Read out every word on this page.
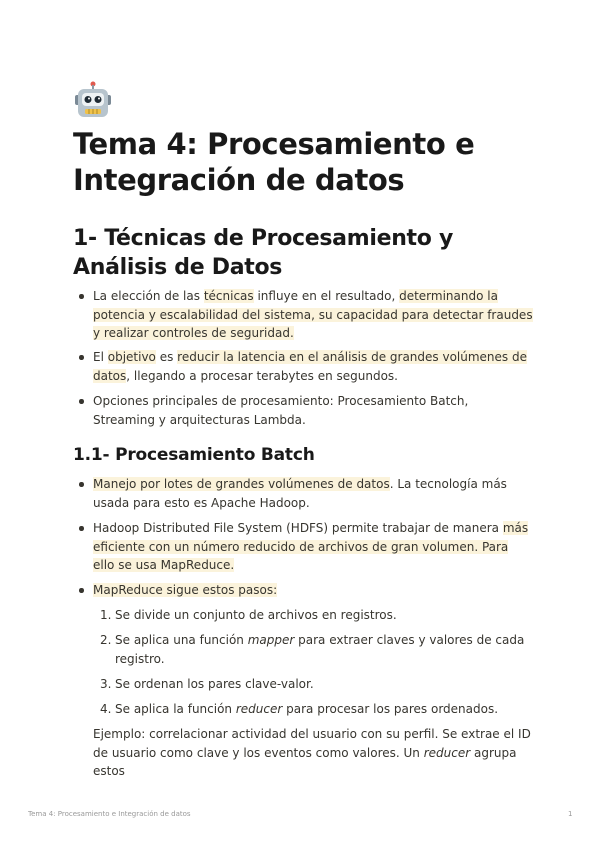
Tema 4: Procesamiento e Integración de datos
1- Técnicas de Procesamiento y Análisis de Datos
La elección de las técnicas influye en el resultado, determinando la potencia y escalabilidad del sistema, su capacidad para detectar fraudes y realizar controles de seguridad.
El objetivo es reducir la latencia en el análisis de grandes volúmenes de datos, llegando a procesar terabytes en segundos.
Opciones principales de procesamiento: Procesamiento Batch, Streaming y arquitecturas Lambda.
1.1- Procesamiento Batch
Manejo por lotes de grandes volúmenes de datos. La tecnología más usada para esto es Apache Hadoop.
Hadoop Distributed File System (HDFS) permite trabajar de manera más eficiente con un número reducido de archivos de gran volumen. Para ello se usa MapReduce.
MapReduce sigue estos pasos:
1. Se divide un conjunto de archivos en registros.
2. Se aplica una función mapper para extraer claves y valores de cada registro.
3. Se ordenan los pares clave-valor.
4. Se aplica la función reducer para procesar los pares ordenados.

Ejemplo: correlacionar actividad del usuario con su perfil. Se extrae el ID de usuario como clave y los eventos como valores. Un reducer agrupa estos

Tema 4: Procesamiento e Integración de datos	1
